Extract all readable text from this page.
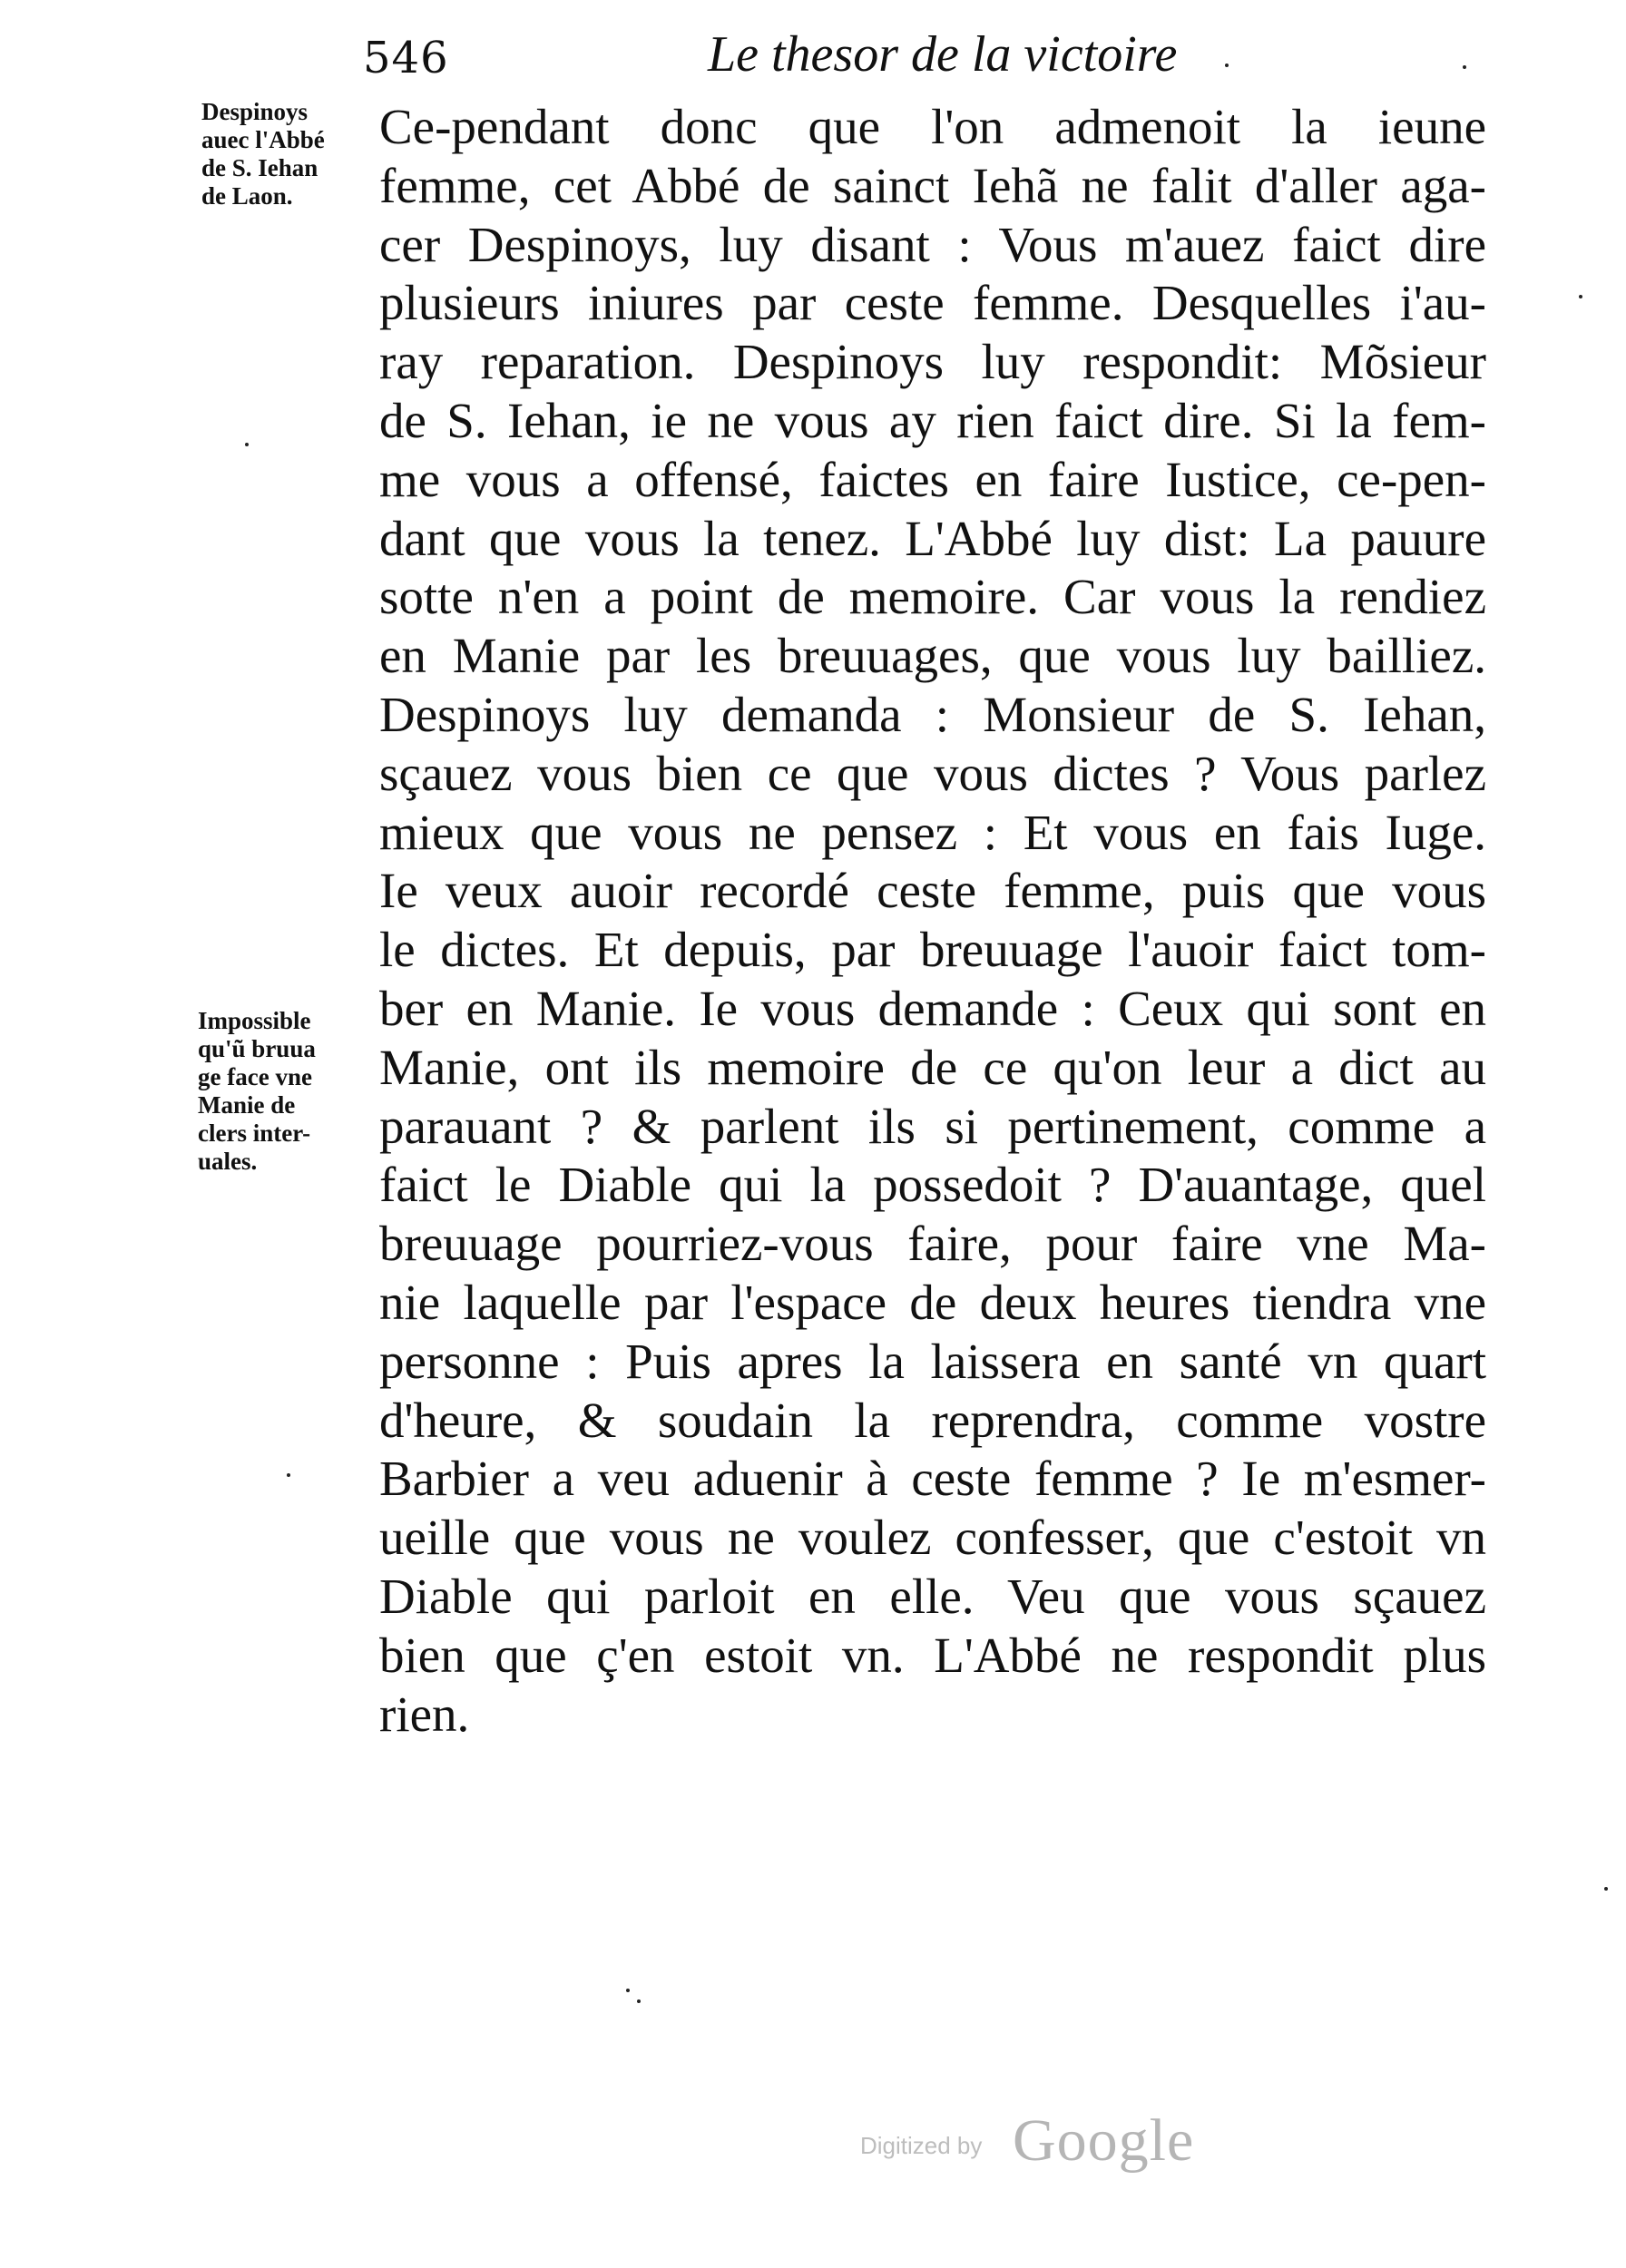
546	Le thesor de la victoire
Despinoys
auec l'Abbé
de S. Iehan
de Laon.
Impossible
qu'ũ bruua
ge face vne
Manie de
clers inter-
uales.
Ce-pendant donc que l'on admenoit la ieune
femme, cet Abbé de sainct Iehã ne falit d'aller aga-
cer Despinoys, luy disant : Vous m'auez faict dire
plusieurs iniures par ceste femme. Desquelles i'au-
ray reparation. Despinoys luy respondit: Mõsieur
de S. Iehan, ie ne vous ay rien faict dire. Si la fem-
me vous a offensé, faictes en faire Iustice, ce-pen-
dant que vous la tenez. L'Abbé luy dist: La pauure
sotte n'en a point de memoire. Car vous la rendiez
en Manie par les breuuages, que vous luy bailliez.
Despinoys luy demanda : Monsieur de S. Iehan,
sçauez vous bien ce que vous dictes ? Vous parlez
mieux que vous ne pensez : Et vous en fais Iuge.
Ie veux auoir recordé ceste femme, puis que vous
le dictes. Et depuis, par breuuage l'auoir faict tom-
ber en Manie. Ie vous demande : Ceux qui sont en
Manie, ont ils memoire de ce qu'on leur a dict au
parauant ? & parlent ils si pertinement, comme a
faict le Diable qui la possedoit ? D'auantage, quel
breuuage pourriez-vous faire, pour faire vne Ma-
nie laquelle par l'espace de deux heures tiendra vne
personne : Puis apres la laissera en santé vn quart
d'heure, & soudain la reprendra, comme vostre
Barbier a veu aduenir à ceste femme ? Ie m'esmer-
ueille que vous ne voulez confesser, que c'estoit vn
Diable qui parloit en elle. Veu que vous sçauez
bien que ç'en estoit vn. L'Abbé ne respondit plus
rien.
Digitized by Google
